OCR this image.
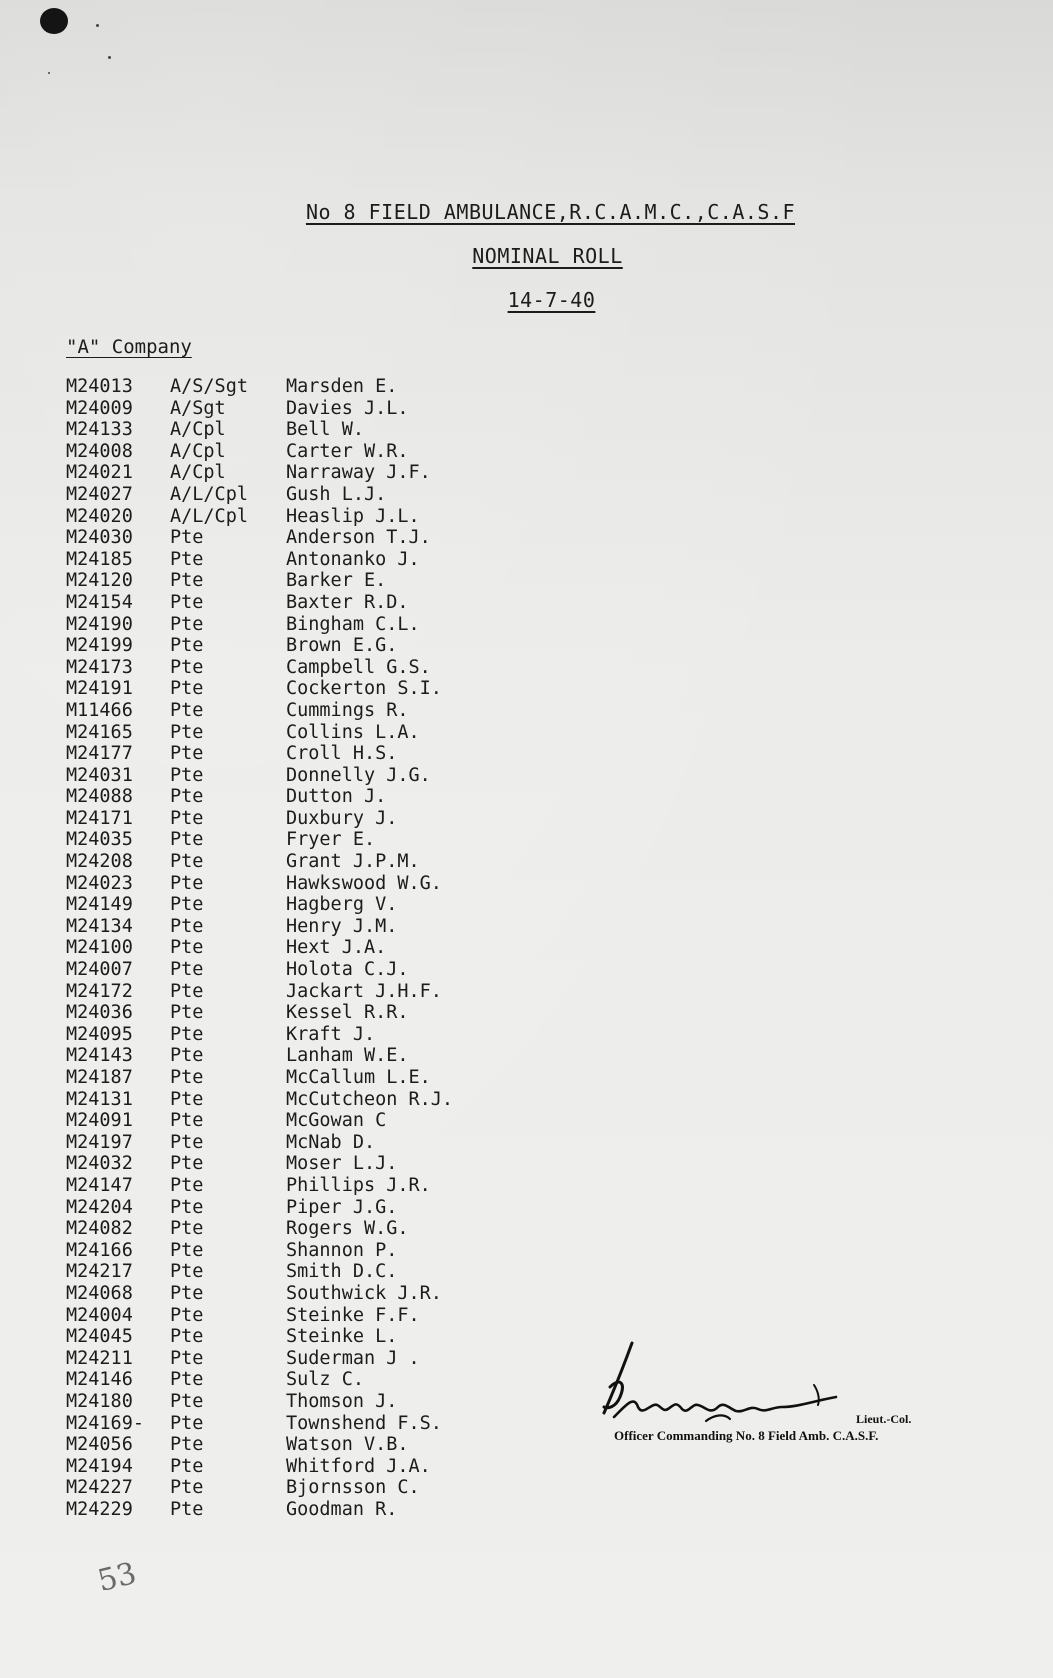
No 8 FIELD AMBULANCE,R.C.A.M.C.,C.A.S.F
NOMINAL ROLL
14-7-40
"A" Company
M24013	A/S/Sgt	Marsden E.
M24009	A/Sgt	Davies J.L.
M24133	A/Cpl	Bell W.
M24008	A/Cpl	Carter W.R.
M24021	A/Cpl	Narraway J.F.
M24027	A/L/Cpl	Gush L.J.
M24020	A/L/Cpl	Heaslip J.L.
M24030	Pte	Anderson T.J.
M24185	Pte	Antonanko J.
M24120	Pte	Barker E.
M24154	Pte	Baxter R.D.
M24190	Pte	Bingham C.L.
M24199	Pte	Brown E.G.
M24173	Pte	Campbell G.S.
M24191	Pte	Cockerton S.I.
M11466	Pte	Cummings R.
M24165	Pte	Collins L.A.
M24177	Pte	Croll H.S.
M24031	Pte	Donnelly J.G.
M24088	Pte	Dutton J.
M24171	Pte	Duxbury J.
M24035	Pte	Fryer E.
M24208	Pte	Grant J.P.M.
M24023	Pte	Hawkswood W.G.
M24149	Pte	Hagberg V.
M24134	Pte	Henry J.M.
M24100	Pte	Hext J.A.
M24007	Pte	Holota C.J.
M24172	Pte	Jackart J.H.F.
M24036	Pte	Kessel R.R.
M24095	Pte	Kraft J.
M24143	Pte	Lanham W.E.
M24187	Pte	McCallum L.E.
M24131	Pte	McCutcheon R.J.
M24091	Pte	McGowan C
M24197	Pte	McNab D.
M24032	Pte	Moser L.J.
M24147	Pte	Phillips J.R.
M24204	Pte	Piper J.G.
M24082	Pte	Rogers W.G.
M24166	Pte	Shannon P.
M24217	Pte	Smith D.C.
M24068	Pte	Southwick J.R.
M24004	Pte	Steinke F.F.
M24045	Pte	Steinke L.
M24211	Pte	Suderman J .
M24146	Pte	Sulz C.
M24180	Pte	Thomson J.
M24169-	Pte	Townshend F.S.
M24056	Pte	Watson V.B.
M24194	Pte	Whitford J.A.
M24227	Pte	Bjornsson C.
M24229	Pte	Goodman R.
Lieut.-Col.
Officer Commanding No. 8 Field Amb. C.A.S.F.
53
